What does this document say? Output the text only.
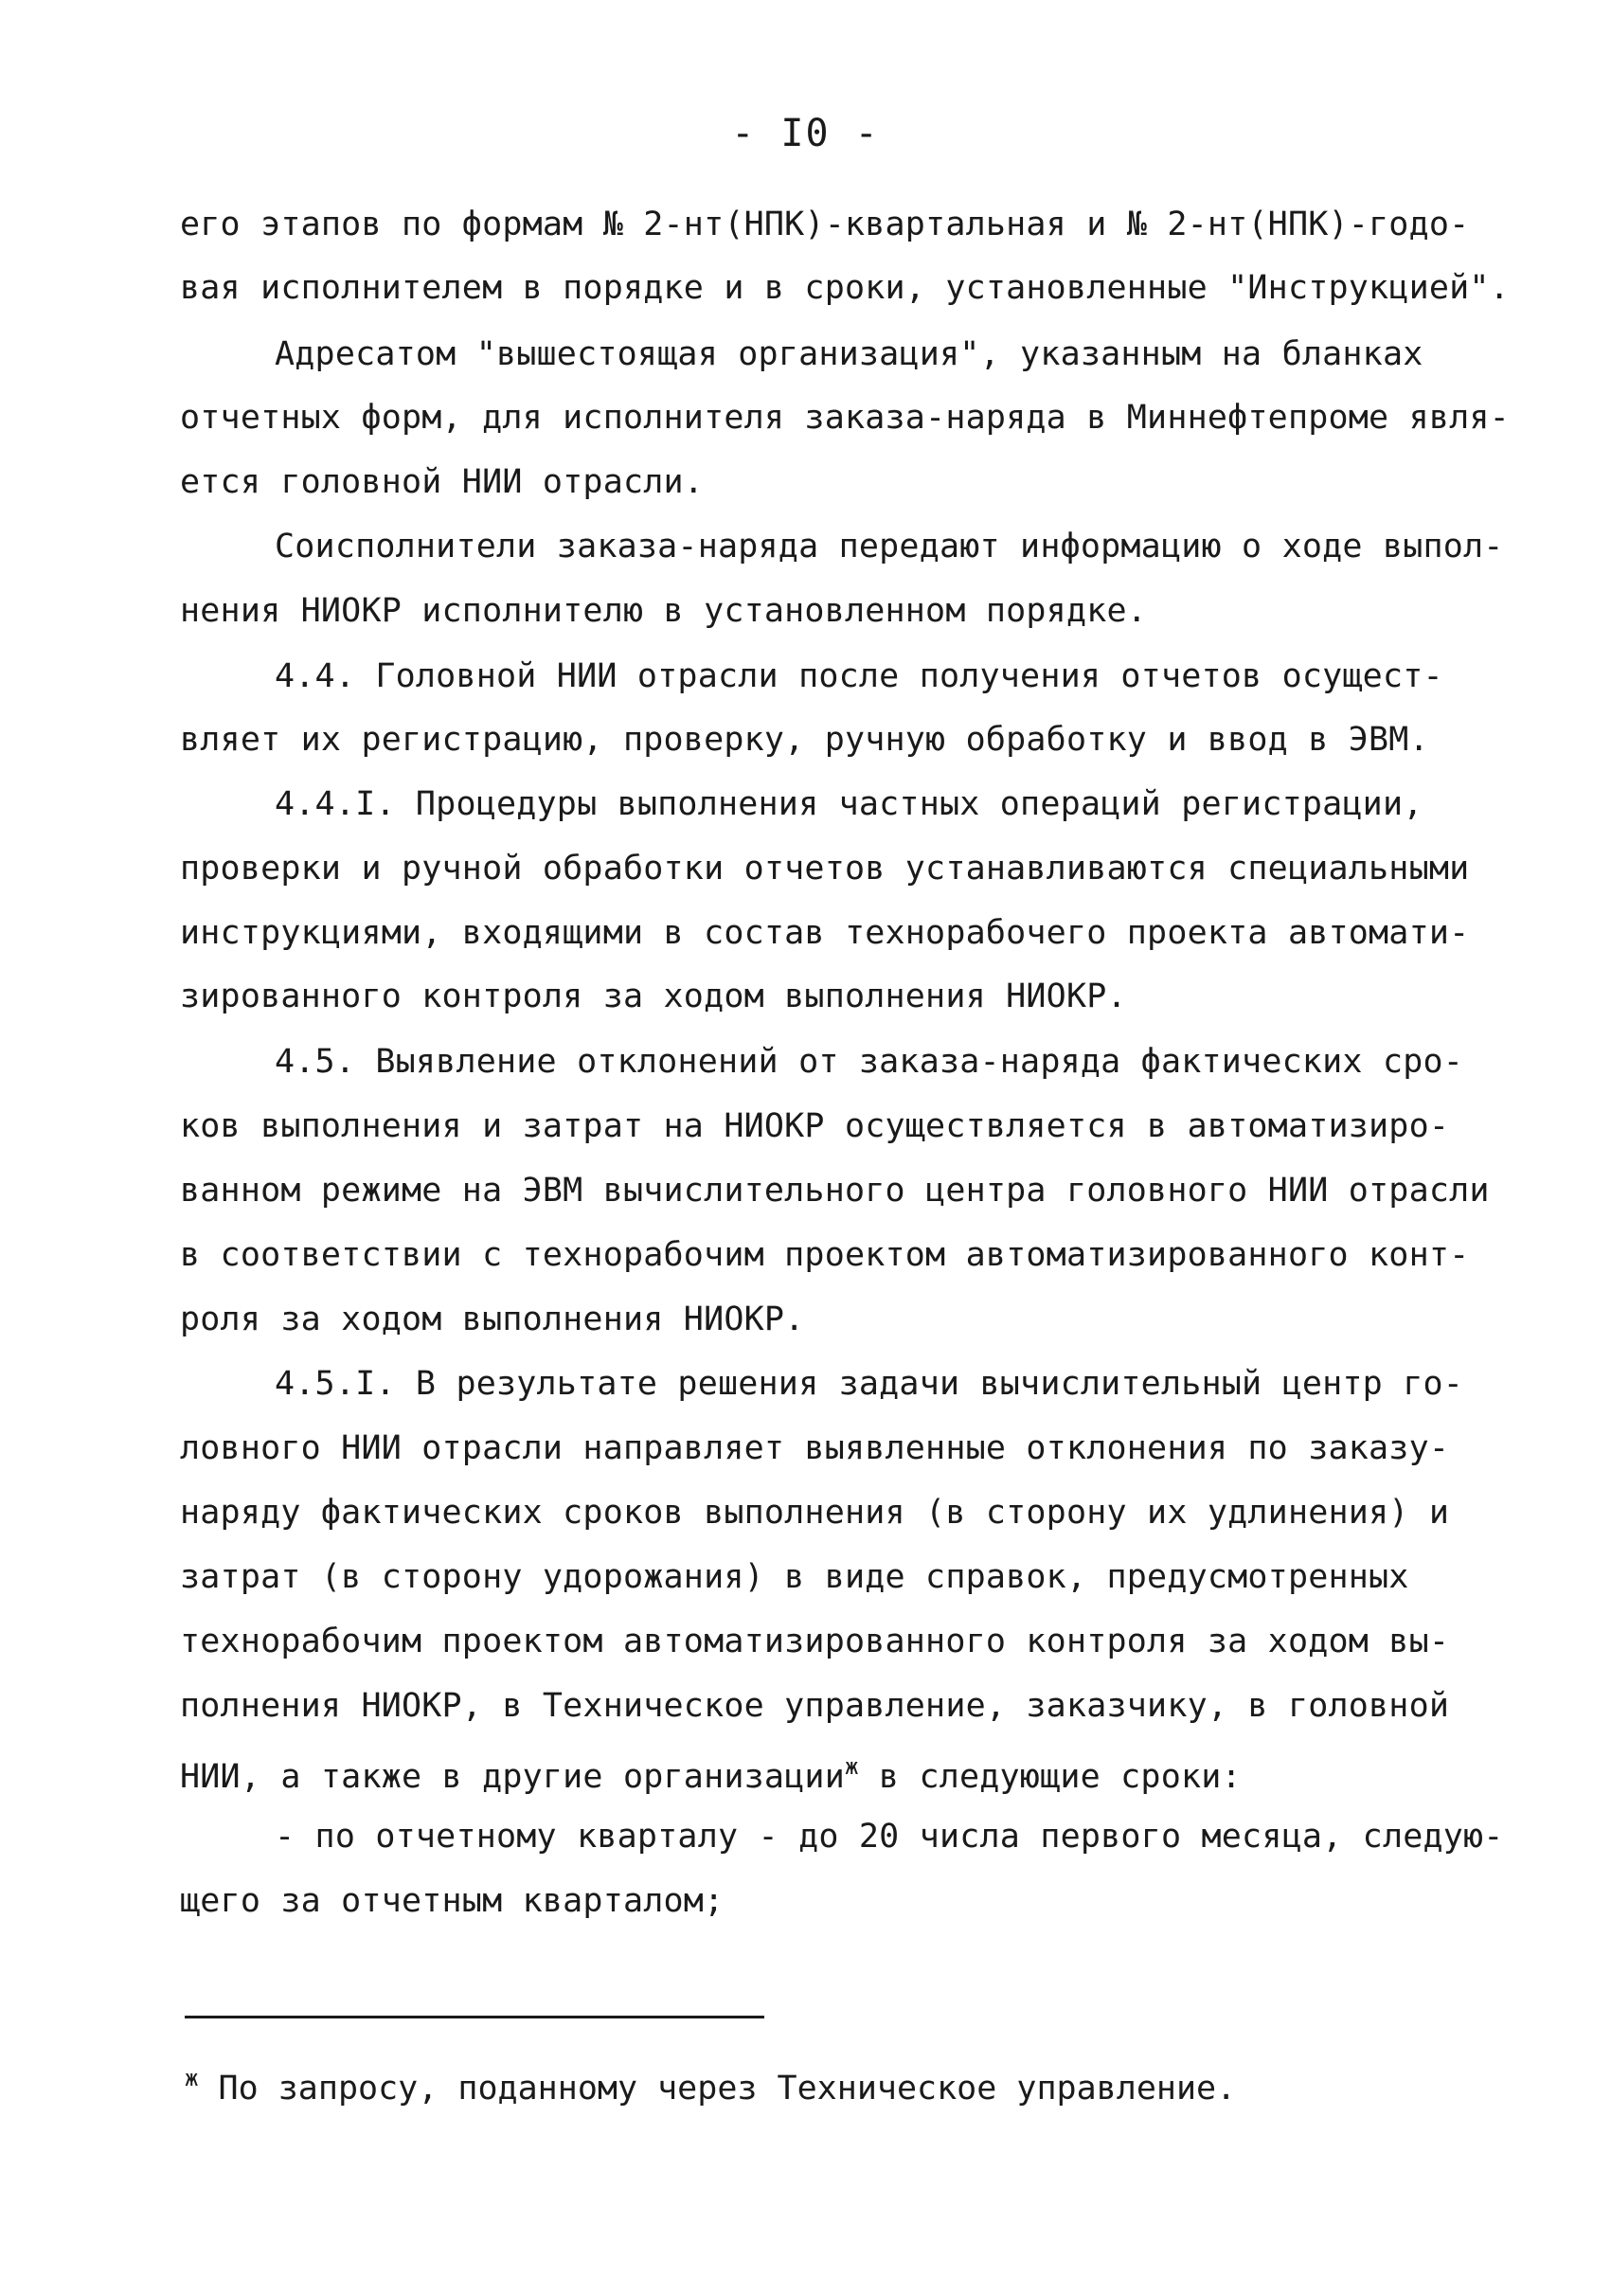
- I0 -
его этапов по формам № 2-нт(НПК)-квартальная и № 2-нт(НПК)-годо-
вая исполнителем в порядке и в сроки, установленные "Инструкцией".
Адресатом "вышестоящая организация", указанным на бланках
отчетных форм, для исполнителя заказа-наряда в Миннефтепроме явля-
ется головной НИИ отрасли.
Соисполнители заказа-наряда передают информацию о ходе выпол-
нения НИОКР исполнителю в установленном порядке.
4.4. Головной НИИ отрасли после получения отчетов осущест-
вляет их регистрацию, проверку, ручную обработку и ввод в ЭВМ.
4.4.I. Процедуры выполнения частных операций регистрации,
проверки и ручной обработки отчетов устанавливаются специальными
инструкциями, входящими в состав технорабочего проекта автомати-
зированного контроля за ходом выполнения НИОКР.
4.5. Выявление отклонений от заказа-наряда фактических сро-
ков выполнения и затрат на НИОКР осуществляется в автоматизиро-
ванном режиме на ЭВМ вычислительного центра головного НИИ отрасли
в соответствии с технорабочим проектом автоматизированного конт-
роля за ходом выполнения НИОКР.
4.5.I. В результате решения задачи вычислительный центр го-
ловного НИИ отрасли направляет выявленные отклонения по заказу-
наряду фактических сроков выполнения (в сторону их удлинения) и
затрат (в сторону удорожания) в виде справок, предусмотренных
технорабочим проектом автоматизированного контроля за ходом вы-
полнения НИОКР, в Техническое управление, заказчику, в головной
НИИ, а также в другие организации$^ж$ в следующие сроки:
- по отчетному кварталу - до 20 числа первого месяца, следую-
щего за отчетным кварталом;
$^ж$ По запросу, поданному через Техническое управление.
